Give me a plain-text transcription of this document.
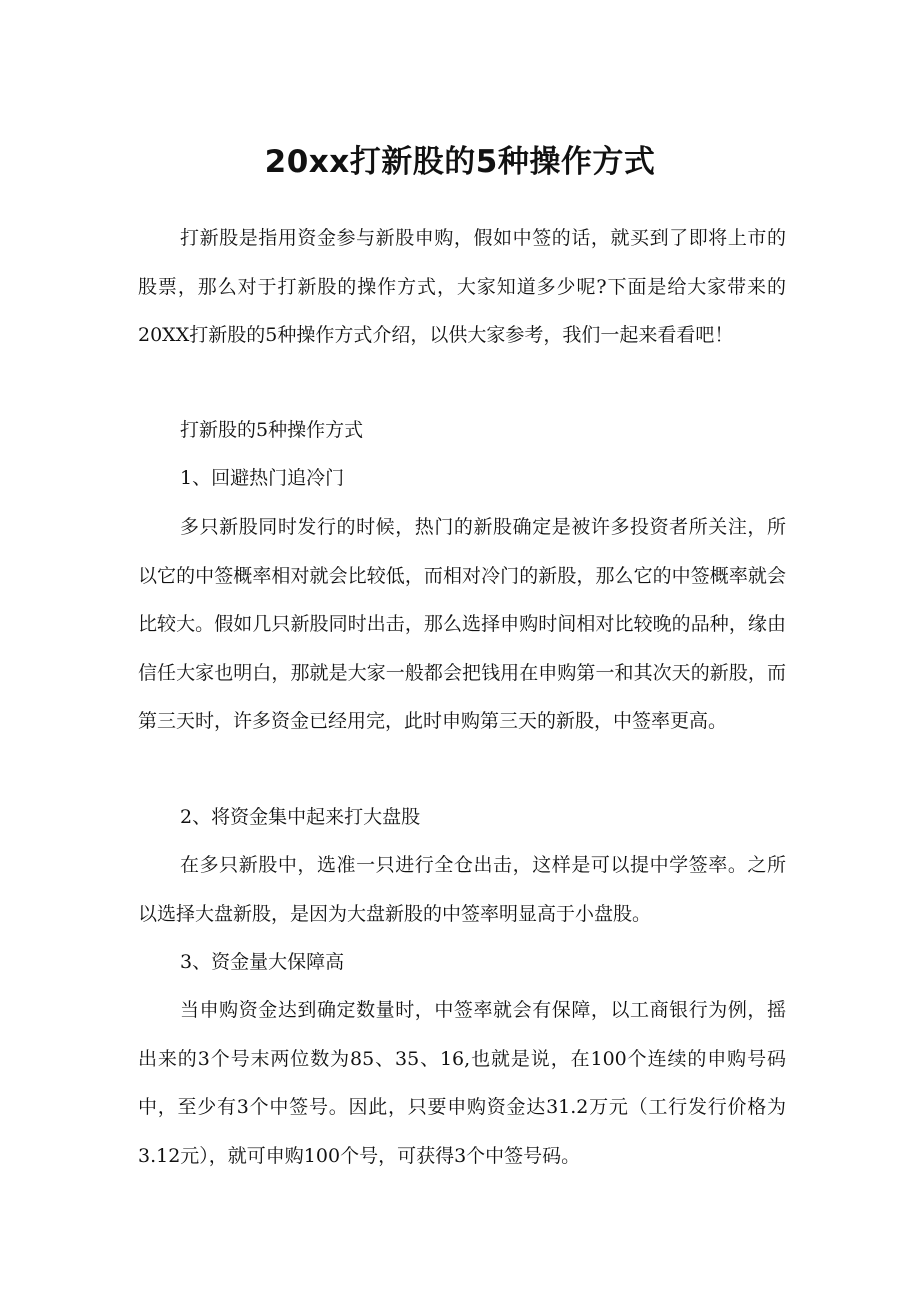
20xx打新股的5种操作方式

打新股是指用资金参与新股申购，假如中签的话，就买到了即将上市的股票，那么对于打新股的操作方式，大家知道多少呢?下面是给大家带来的20XX打新股的5种操作方式介绍，以供大家参考，我们一起来看看吧！

打新股的5种操作方式

1、回避热门追冷门

多只新股同时发行的时候，热门的新股确定是被许多投资者所关注，所以它的中签概率相对就会比较低，而相对冷门的新股，那么它的中签概率就会比较大。假如几只新股同时出击，那么选择申购时间相对比较晚的品种，缘由信任大家也明白，那就是大家一般都会把钱用在申购第一和其次天的新股，而第三天时，许多资金已经用完，此时申购第三天的新股，中签率更高。

2、将资金集中起来打大盘股

在多只新股中，选准一只进行全仓出击，这样是可以提中学签率。之所以选择大盘新股，是因为大盘新股的中签率明显高于小盘股。

3、资金量大保障高

当申购资金达到确定数量时，中签率就会有保障，以工商银行为例，摇出来的3个号末两位数为85、35、16,也就是说，在100个连续的申购号码中，至少有3个中签号。因此，只要申购资金达31.2万元（工行发行价格为3.12元），就可申购100个号，可获得3个中签号码。
